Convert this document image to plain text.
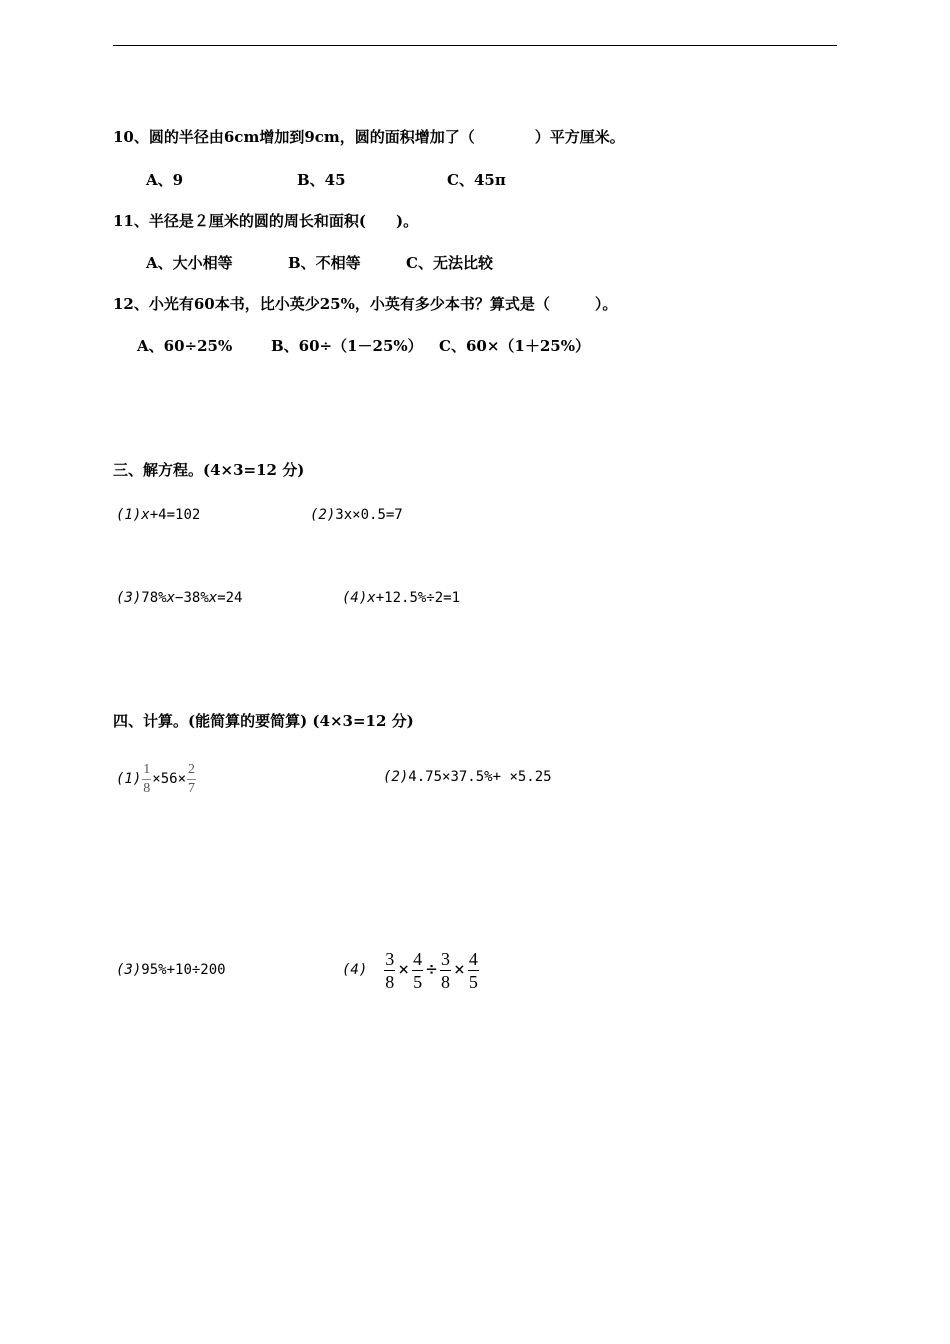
10、圆的半径由6cm增加到9cm，圆的面积增加了（　　　　）平方厘米。
A、9	B、45	C、45π
11、半径是２厘米的圆的周长和面积(　　)。
A、大小相等	B、不相等	C、无法比较
12、小光有60本书，比小英少25%，小英有多少本书？算式是（　　　）。
A、60÷25%	B、60÷（1－25%） C、60×（1＋25%）
三、解方程。(4×3=12 分)
(1)x+4=102	(2)3x×0.5=7
(3)78%x−38%x=24	(4)x+12.5%÷2=1
四、计算。(能简算的要简算) (4×3=12 分)
$(1) \frac{1}{8} \times 56\times \frac{2}{7}$	(2)4.75×37.5%+ ×5.25
(3)95%+10÷200	$(4) \frac{3}{8} \times \frac{4}{5} \div \frac{3}{8} \times \frac{4}{5}$
